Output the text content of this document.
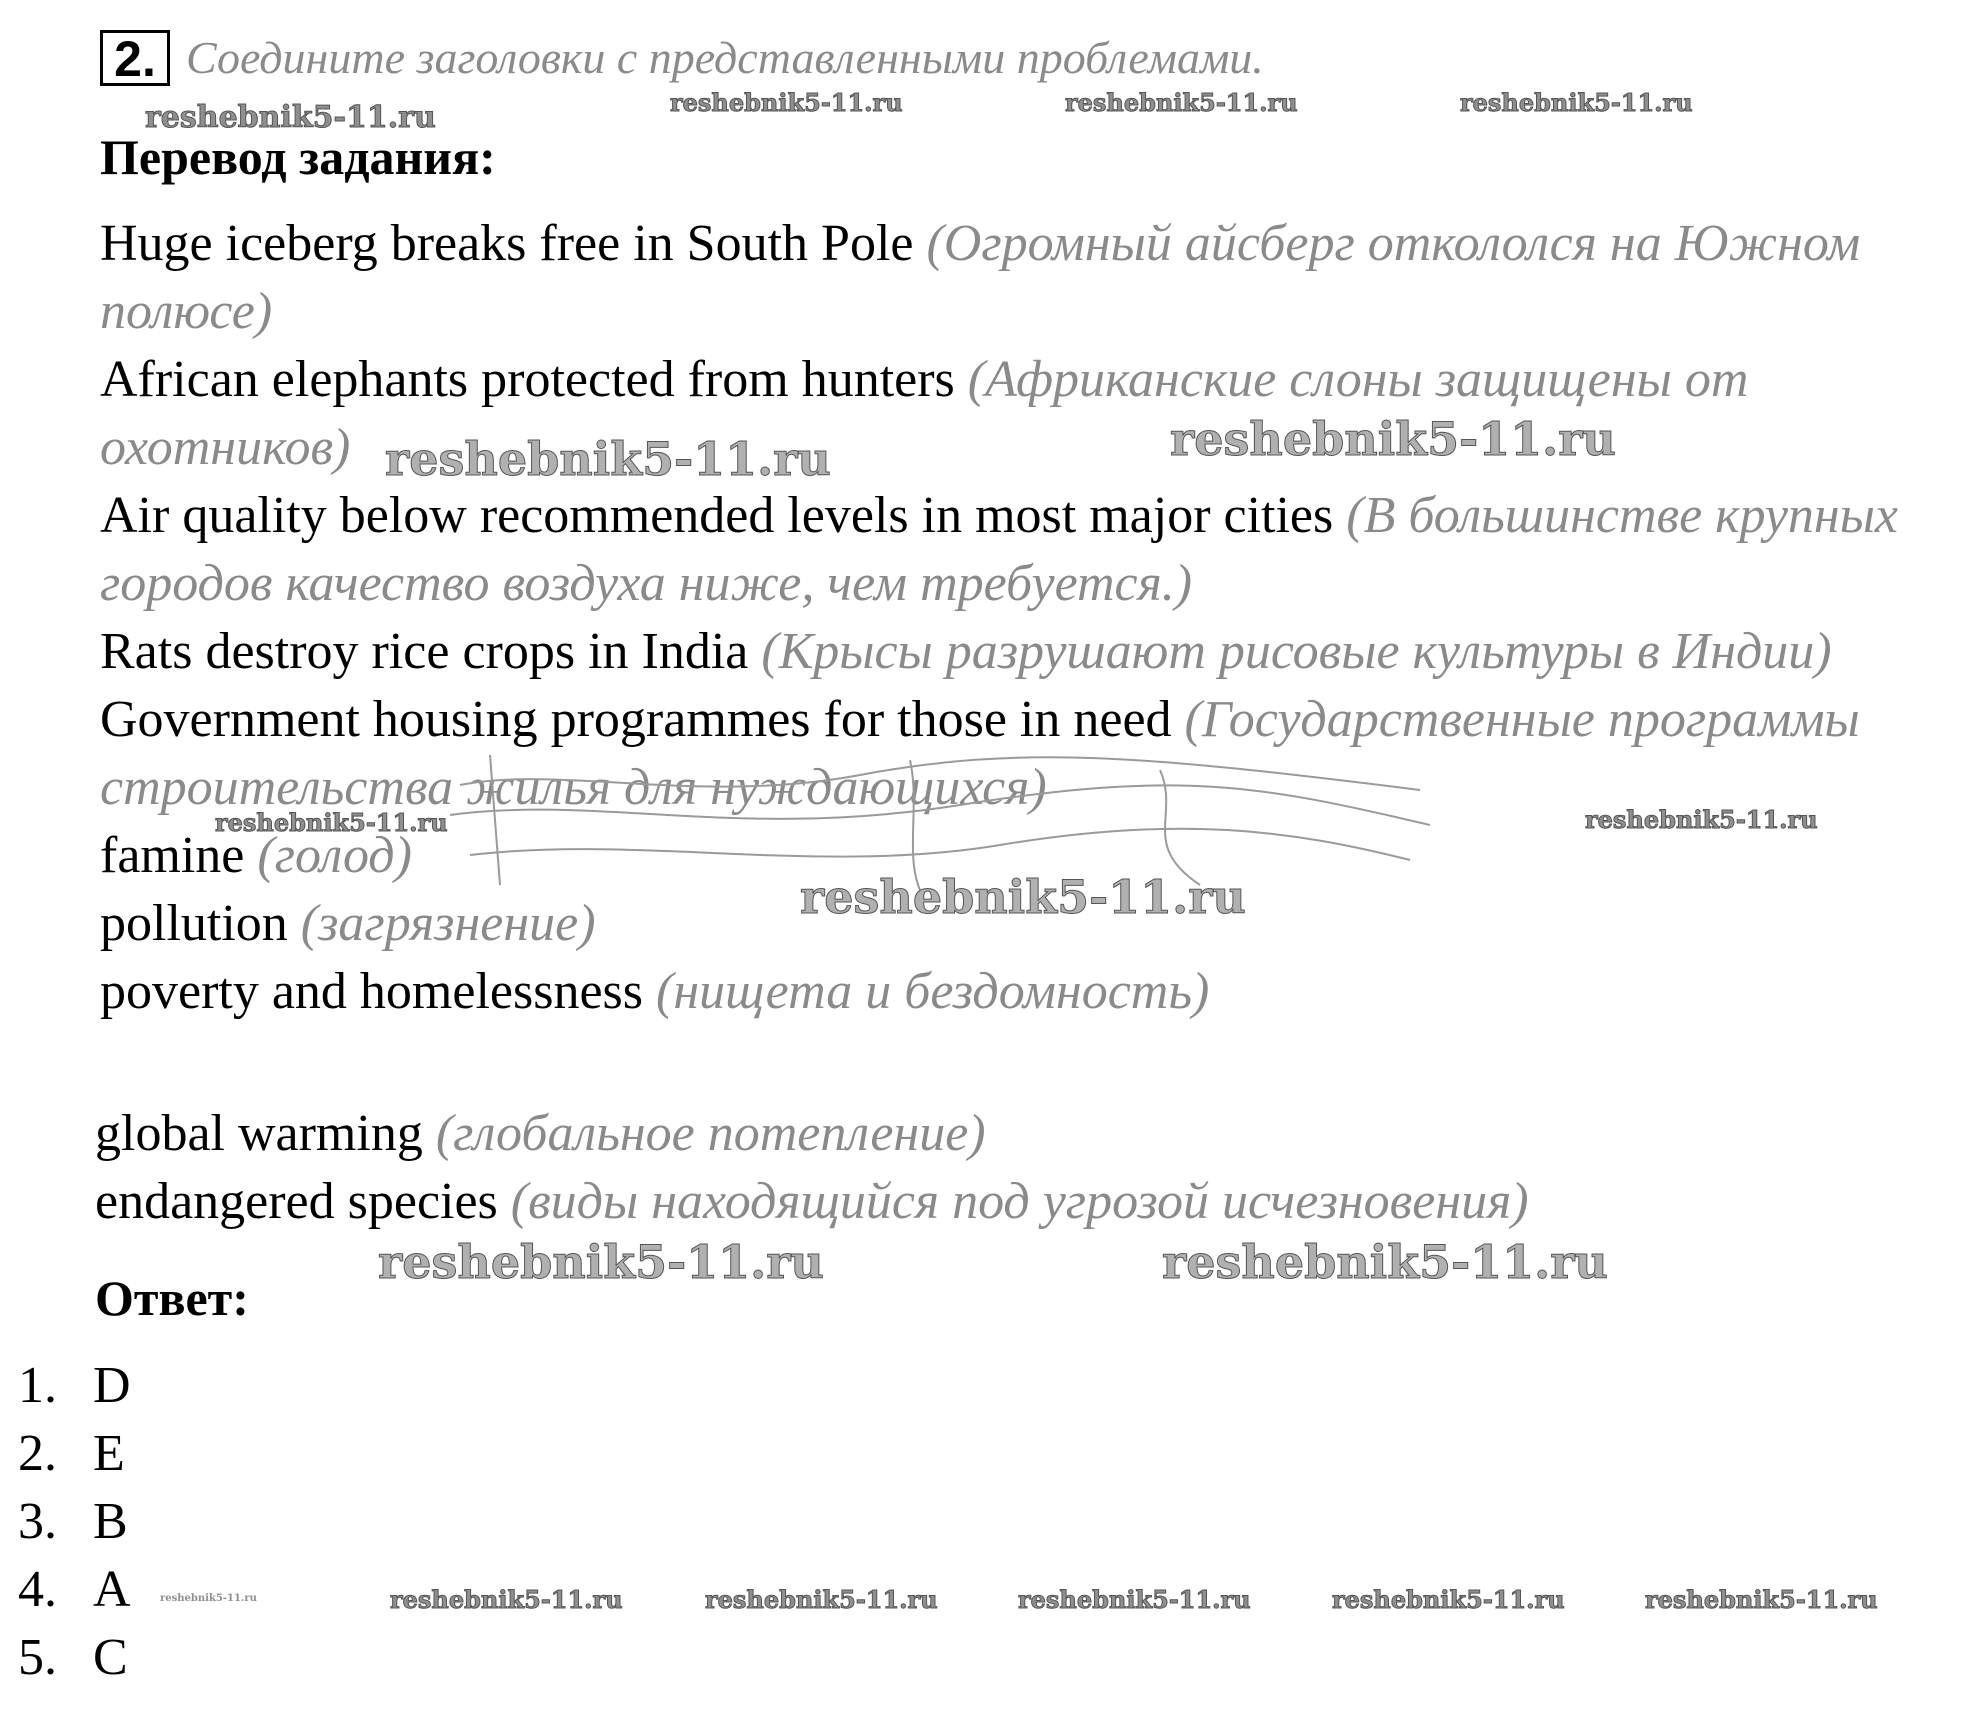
2. Соедините заголовки с представленными проблемами.
Перевод задания:
Huge iceberg breaks free in South Pole (Огромный айсберг откололся на Южном полюсе)
African elephants protected from hunters (Африканские слоны защищены от охотников)
Air quality below recommended levels in most major cities (В большинстве крупных городов качество воздуха ниже, чем требуется.)
Rats destroy rice crops in India (Крысы разрушают рисовые культуры в Индии)
Government housing programmes for those in need (Государственные программы строительства жилья для нуждающихся)
famine (голод)
pollution (загрязнение)
poverty and homelessness (нищета и бездомность)
global warming (глобальное потепление)
endangered species (виды находящийся под угрозой исчезновения)
Ответ:
1. D
2. E
3. B
4. A
5. C
reshebnik5-11.ru	reshebnik5-11.ru	reshebnik5-11.ru	reshebnik5-11.ru
reshebnik5-11.ru	reshebnik5-11.ru
reshebnik5-11.ru	reshebnik5-11.ru
reshebnik5-11.ru
reshebnik5-11.ru	reshebnik5-11.ru
reshebnik5-11.ru	reshebnik5-11.ru	reshebnik5-11.ru	reshebnik5-11.ru	reshebnik5-11.ru	reshebnik5-11.ru
